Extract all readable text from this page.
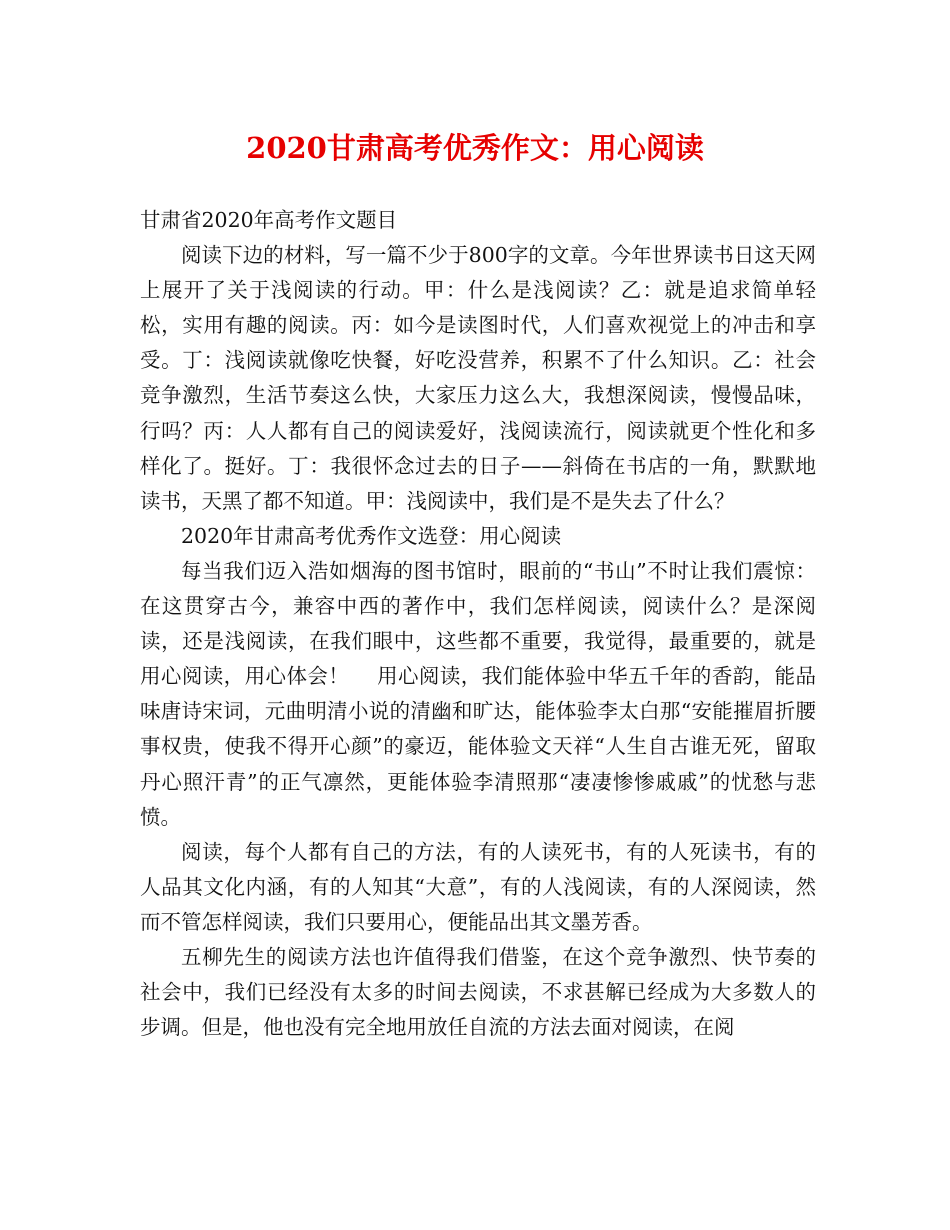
2020甘肃高考优秀作文：用心阅读

甘肃省2020年高考作文题目

阅读下边的材料，写一篇不少于800字的文章。今年世界读书日这天网上展开了关于浅阅读的行动。甲：什么是浅阅读？乙：就是追求简单轻松，实用有趣的阅读。丙：如今是读图时代，人们喜欢视觉上的冲击和享受。丁：浅阅读就像吃快餐，好吃没营养，积累不了什么知识。乙：社会竞争激烈，生活节奏这么快，大家压力这么大，我想深阅读，慢慢品味，行吗？丙：人人都有自己的阅读爱好，浅阅读流行，阅读就更个性化和多样化了。挺好。丁：我很怀念过去的日子——斜倚在书店的一角，默默地读书，天黑了都不知道。甲：浅阅读中，我们是不是失去了什么？

2020年甘肃高考优秀作文选登：用心阅读

每当我们迈入浩如烟海的图书馆时，眼前的“书山”不时让我们震惊：在这贯穿古今，兼容中西的著作中，我们怎样阅读，阅读什么？是深阅读，还是浅阅读，在我们眼中，这些都不重要，我觉得，最重要的，就是用心阅读，用心体会！　 用心阅读，我们能体验中华五千年的香韵，能品味唐诗宋词，元曲明清小说的清幽和旷达，能体验李太白那“安能摧眉折腰事权贵，使我不得开心颜”的豪迈，能体验文天祥“人生自古谁无死，留取丹心照汗青”的正气凛然，更能体验李清照那“凄凄惨惨戚戚”的忧愁与悲愤。

阅读，每个人都有自己的方法，有的人读死书，有的人死读书，有的人品其文化内涵，有的人知其“大意”，有的人浅阅读，有的人深阅读，然而不管怎样阅读，我们只要用心，便能品出其文墨芳香。

五柳先生的阅读方法也许值得我们借鉴，在这个竞争激烈、快节奏的社会中，我们已经没有太多的时间去阅读，不求甚解已经成为大多数人的步调。但是，他也没有完全地用放任自流的方法去面对阅读，在阅
